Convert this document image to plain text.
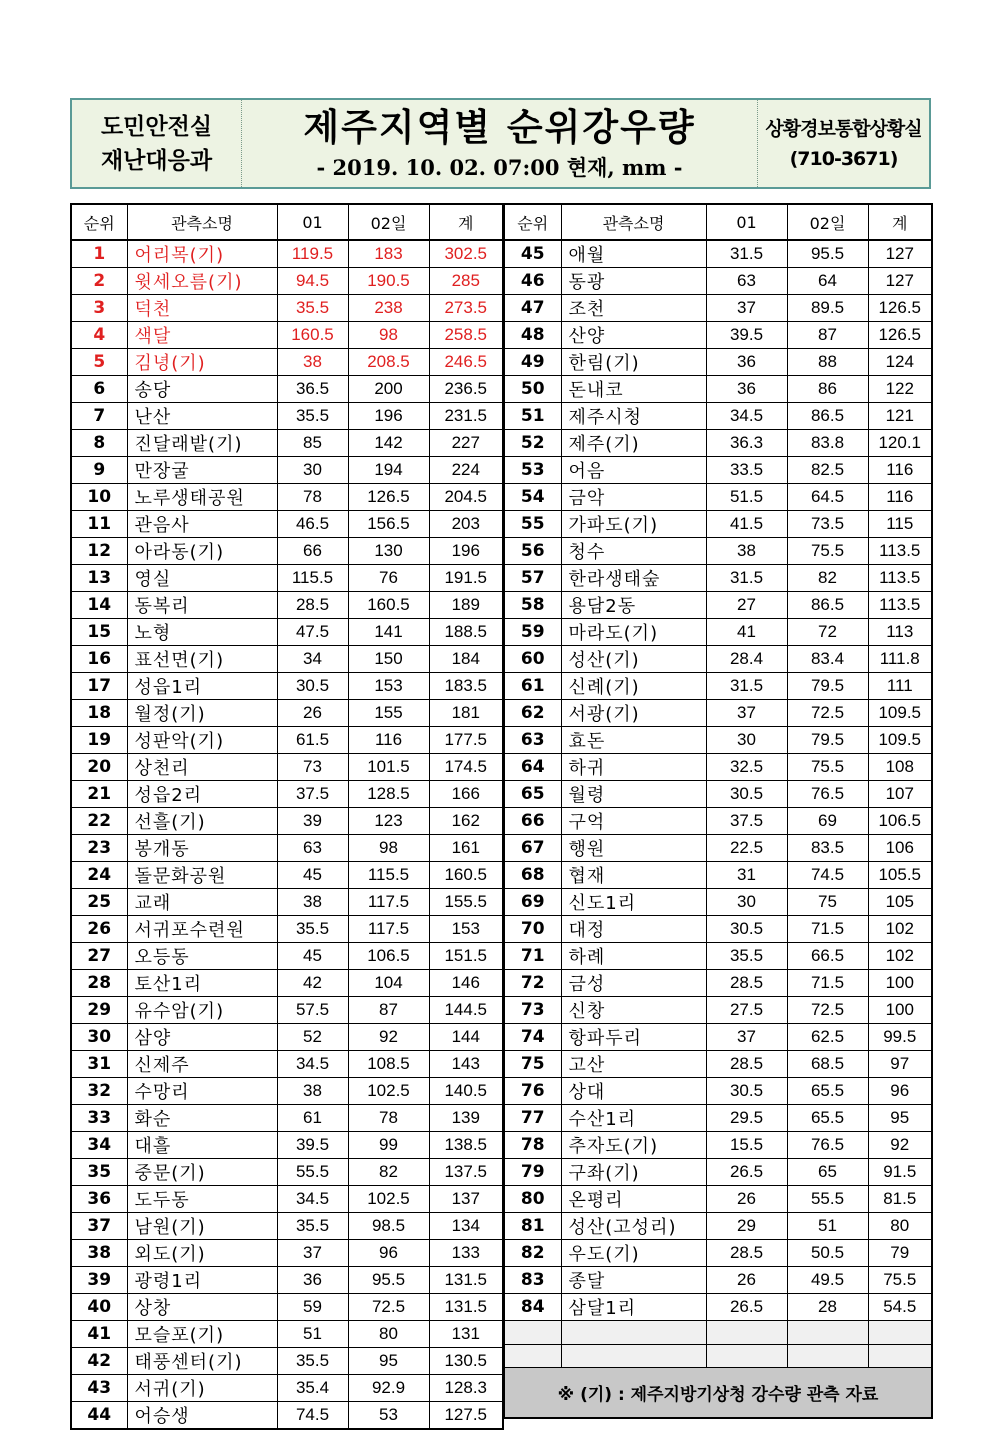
도민안전실
재난대응과
제주지역별 순위강우량
- 2019. 10. 02. 07:00 현재, mm -
상황경보통합상황실
(710-3671)
순위	관측소명	01	02일	계
1	어리목(기)	119.5	183	302.5
2	윗세오름(기)	94.5	190.5	285
3	덕천	35.5	238	273.5
4	색달	160.5	98	258.5
5	김녕(기)	38	208.5	246.5
6	송당	36.5	200	236.5
7	난산	35.5	196	231.5
8	진달래밭(기)	85	142	227
9	만장굴	30	194	224
10	노루생태공원	78	126.5	204.5
11	관음사	46.5	156.5	203
12	아라동(기)	66	130	196
13	영실	115.5	76	191.5
14	동복리	28.5	160.5	189
15	노형	47.5	141	188.5
16	표선면(기)	34	150	184
17	성읍1리	30.5	153	183.5
18	월정(기)	26	155	181
19	성판악(기)	61.5	116	177.5
20	상천리	73	101.5	174.5
21	성읍2리	37.5	128.5	166
22	선흘(기)	39	123	162
23	봉개동	63	98	161
24	돌문화공원	45	115.5	160.5
25	교래	38	117.5	155.5
26	서귀포수련원	35.5	117.5	153
27	오등동	45	106.5	151.5
28	토산1리	42	104	146
29	유수암(기)	57.5	87	144.5
30	삼양	52	92	144
31	신제주	34.5	108.5	143
32	수망리	38	102.5	140.5
33	화순	61	78	139
34	대흘	39.5	99	138.5
35	중문(기)	55.5	82	137.5
36	도두동	34.5	102.5	137
37	남원(기)	35.5	98.5	134
38	외도(기)	37	96	133
39	광령1리	36	95.5	131.5
40	상창	59	72.5	131.5
41	모슬포(기)	51	80	131
42	태풍센터(기)	35.5	95	130.5
43	서귀(기)	35.4	92.9	128.3
44	어승생	74.5	53	127.5
순위	관측소명	01	02일	계
45	애월	31.5	95.5	127
46	동광	63	64	127
47	조천	37	89.5	126.5
48	산양	39.5	87	126.5
49	한림(기)	36	88	124
50	돈내코	36	86	122
51	제주시청	34.5	86.5	121
52	제주(기)	36.3	83.8	120.1
53	어음	33.5	82.5	116
54	금악	51.5	64.5	116
55	가파도(기)	41.5	73.5	115
56	청수	38	75.5	113.5
57	한라생태숲	31.5	82	113.5
58	용담2동	27	86.5	113.5
59	마라도(기)	41	72	113
60	성산(기)	28.4	83.4	111.8
61	신례(기)	31.5	79.5	111
62	서광(기)	37	72.5	109.5
63	효돈	30	79.5	109.5
64	하귀	32.5	75.5	108
65	월령	30.5	76.5	107
66	구억	37.5	69	106.5
67	행원	22.5	83.5	106
68	협재	31	74.5	105.5
69	신도1리	30	75	105
70	대정	30.5	71.5	102
71	하례	35.5	66.5	102
72	금성	28.5	71.5	100
73	신창	27.5	72.5	100
74	항파두리	37	62.5	99.5
75	고산	28.5	68.5	97
76	상대	30.5	65.5	96
77	수산1리	29.5	65.5	95
78	추자도(기)	15.5	76.5	92
79	구좌(기)	26.5	65	91.5
80	온평리	26	55.5	81.5
81	성산(고성리)	29	51	80
82	우도(기)	28.5	50.5	79
83	종달	26	49.5	75.5
84	삼달1리	26.5	28	54.5

※ (기) : 제주지방기상청 강수량 관측 자료				
